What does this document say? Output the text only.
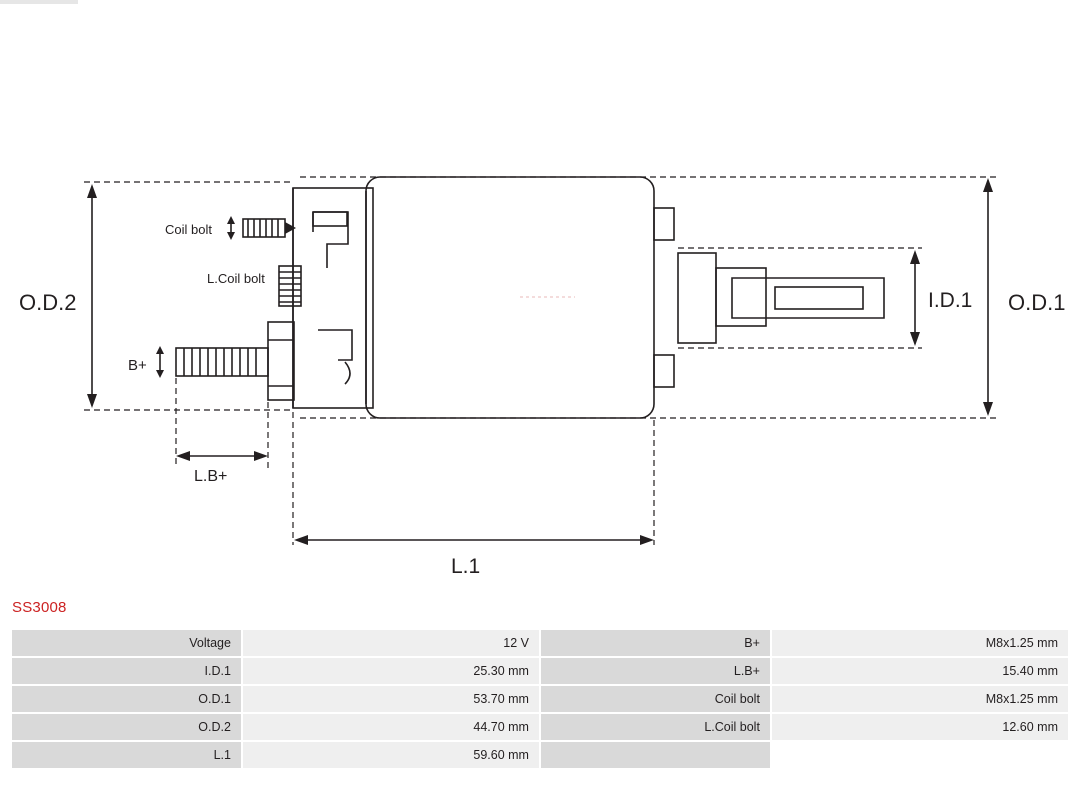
O.D.2	O.D.1
I.D.1
L.1
L.B+
B+
Coil bolt
L.Coil bolt
SS3008
Voltage	12 V	B+	M8x1.25 mm
I.D.1	25.30 mm	L.B+	15.40 mm
O.D.1	53.70 mm	Coil bolt	M8x1.25 mm
O.D.2	44.70 mm	L.Coil bolt	12.60 mm
L.1	59.60 mm		
